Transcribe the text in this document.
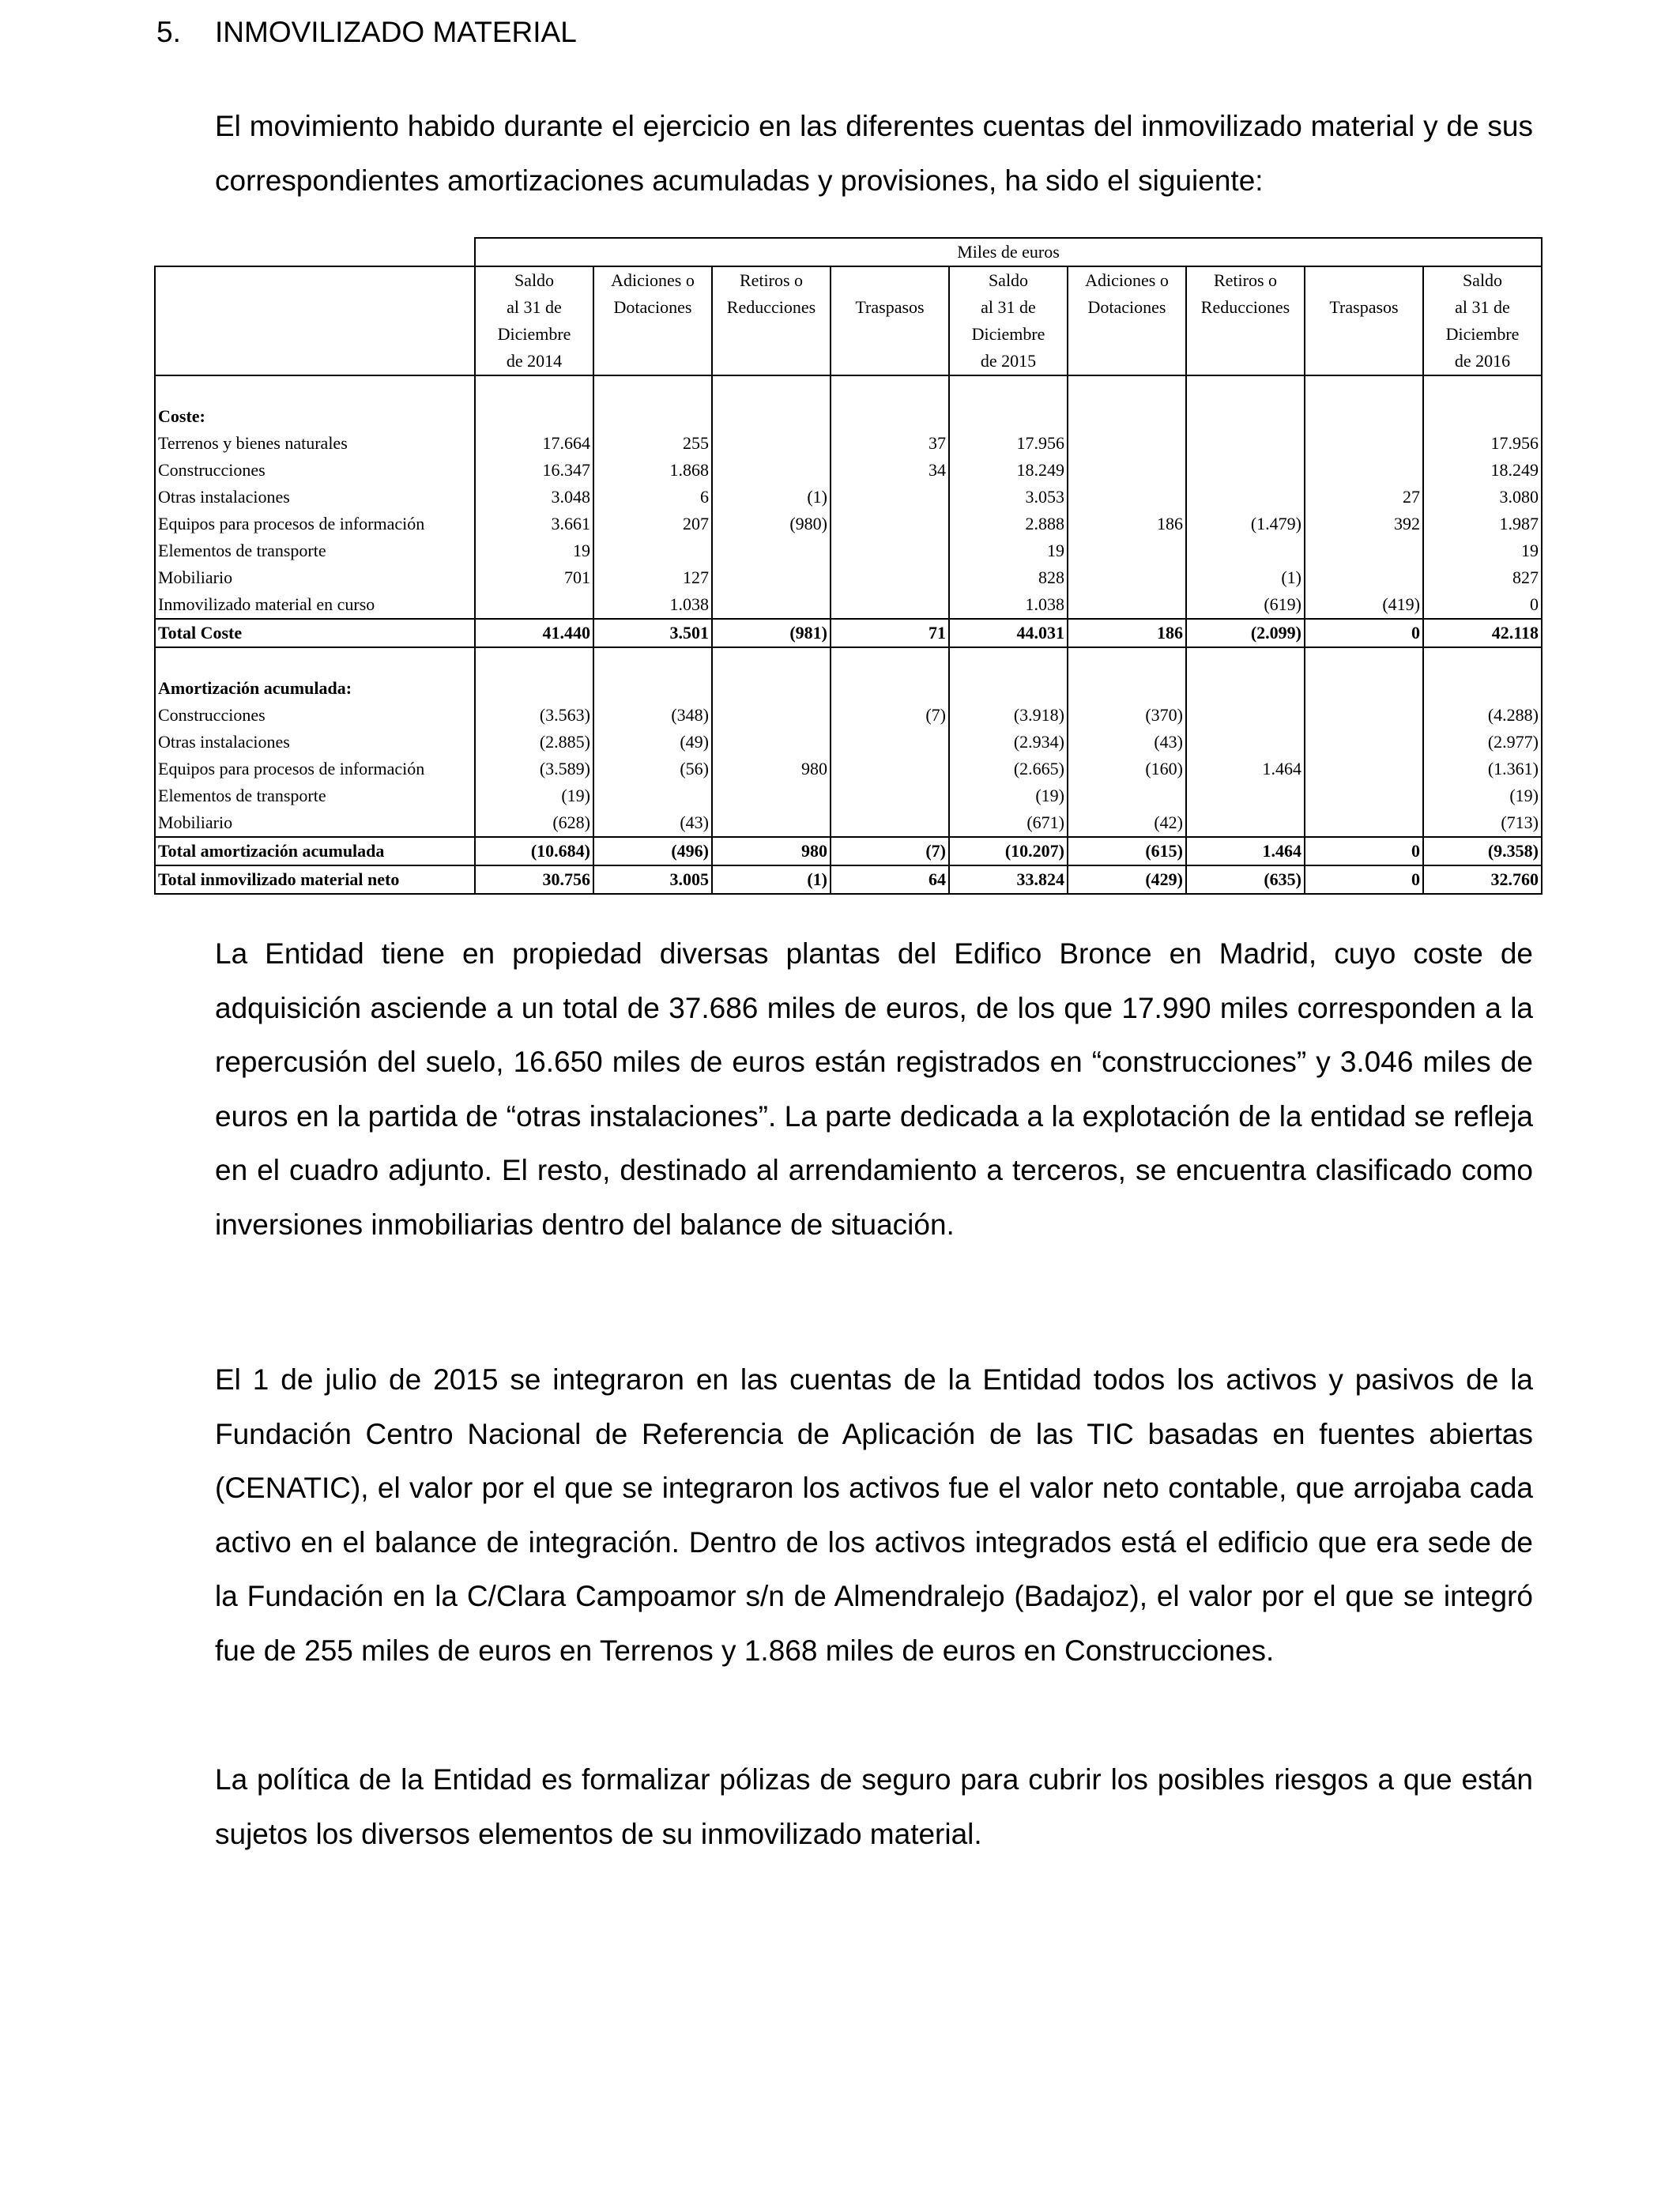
5. INMOVILIZADO MATERIAL

El movimiento habido durante el ejercicio en las diferentes cuentas del inmovilizado material y de sus correspondientes amortizaciones acumuladas y provisiones, ha sido el siguiente:

	Miles de euros								
	Saldo	Adiciones o	Retiros o		Saldo	Adiciones o	Retiros o		Saldo
	al 31 de	Dotaciones	Reducciones	Traspasos	al 31 de	Dotaciones	Reducciones	Traspasos	al 31 de
	Diciembre				Diciembre				Diciembre
	de 2014				de 2015				de 2016

Coste:									
Terrenos y bienes naturales	17.664	255		37	17.956				17.956
Construcciones	16.347	1.868		34	18.249				18.249
Otras instalaciones	3.048	6	(1)		3.053			27	3.080
Equipos para procesos de información	3.661	207	(980)		2.888	186	(1.479)	392	1.987
Elementos de transporte	19				19				19
Mobiliario	701	127			828		(1)		827
Inmovilizado material en curso		1.038			1.038		(619)	(419)	0
Total Coste	41.440	3.501	(981)	71	44.031	186	(2.099)	0	42.118

Amortización acumulada:									
Construcciones	(3.563)	(348)		(7)	(3.918)	(370)			(4.288)
Otras instalaciones	(2.885)	(49)			(2.934)	(43)			(2.977)
Equipos para procesos de información	(3.589)	(56)	980		(2.665)	(160)	1.464		(1.361)
Elementos de transporte	(19)				(19)				(19)
Mobiliario	(628)	(43)			(671)	(42)			(713)
Total amortización acumulada	(10.684)	(496)	980	(7)	(10.207)	(615)	1.464	0	(9.358)
Total inmovilizado material neto	30.756	3.005	(1)	64	33.824	(429)	(635)	0	32.760

La Entidad tiene en propiedad diversas plantas del Edifico Bronce en Madrid, cuyo coste de adquisición asciende a un total de 37.686 miles de euros, de los que 17.990 miles corresponden a la repercusión del suelo, 16.650 miles de euros están registrados en “construcciones” y 3.046 miles de euros en la partida de “otras instalaciones”. La parte dedicada a la explotación de la entidad se refleja en el cuadro adjunto. El resto, destinado al arrendamiento a terceros, se encuentra clasificado como inversiones inmobiliarias dentro del balance de situación.

El 1 de julio de 2015 se integraron en las cuentas de la Entidad todos los activos y pasivos de la Fundación Centro Nacional de Referencia de Aplicación de las TIC basadas en fuentes abiertas (CENATIC), el valor por el que se integraron los activos fue el valor neto contable, que arrojaba cada activo en el balance de integración. Dentro de los activos integrados está el edificio que era sede de la Fundación en la C/Clara Campoamor s/n de Almendralejo (Badajoz), el valor por el que se integró fue de 255 miles de euros en Terrenos y 1.868 miles de euros en Construcciones.

La política de la Entidad es formalizar pólizas de seguro para cubrir los posibles riesgos a que están sujetos los diversos elementos de su inmovilizado material.
